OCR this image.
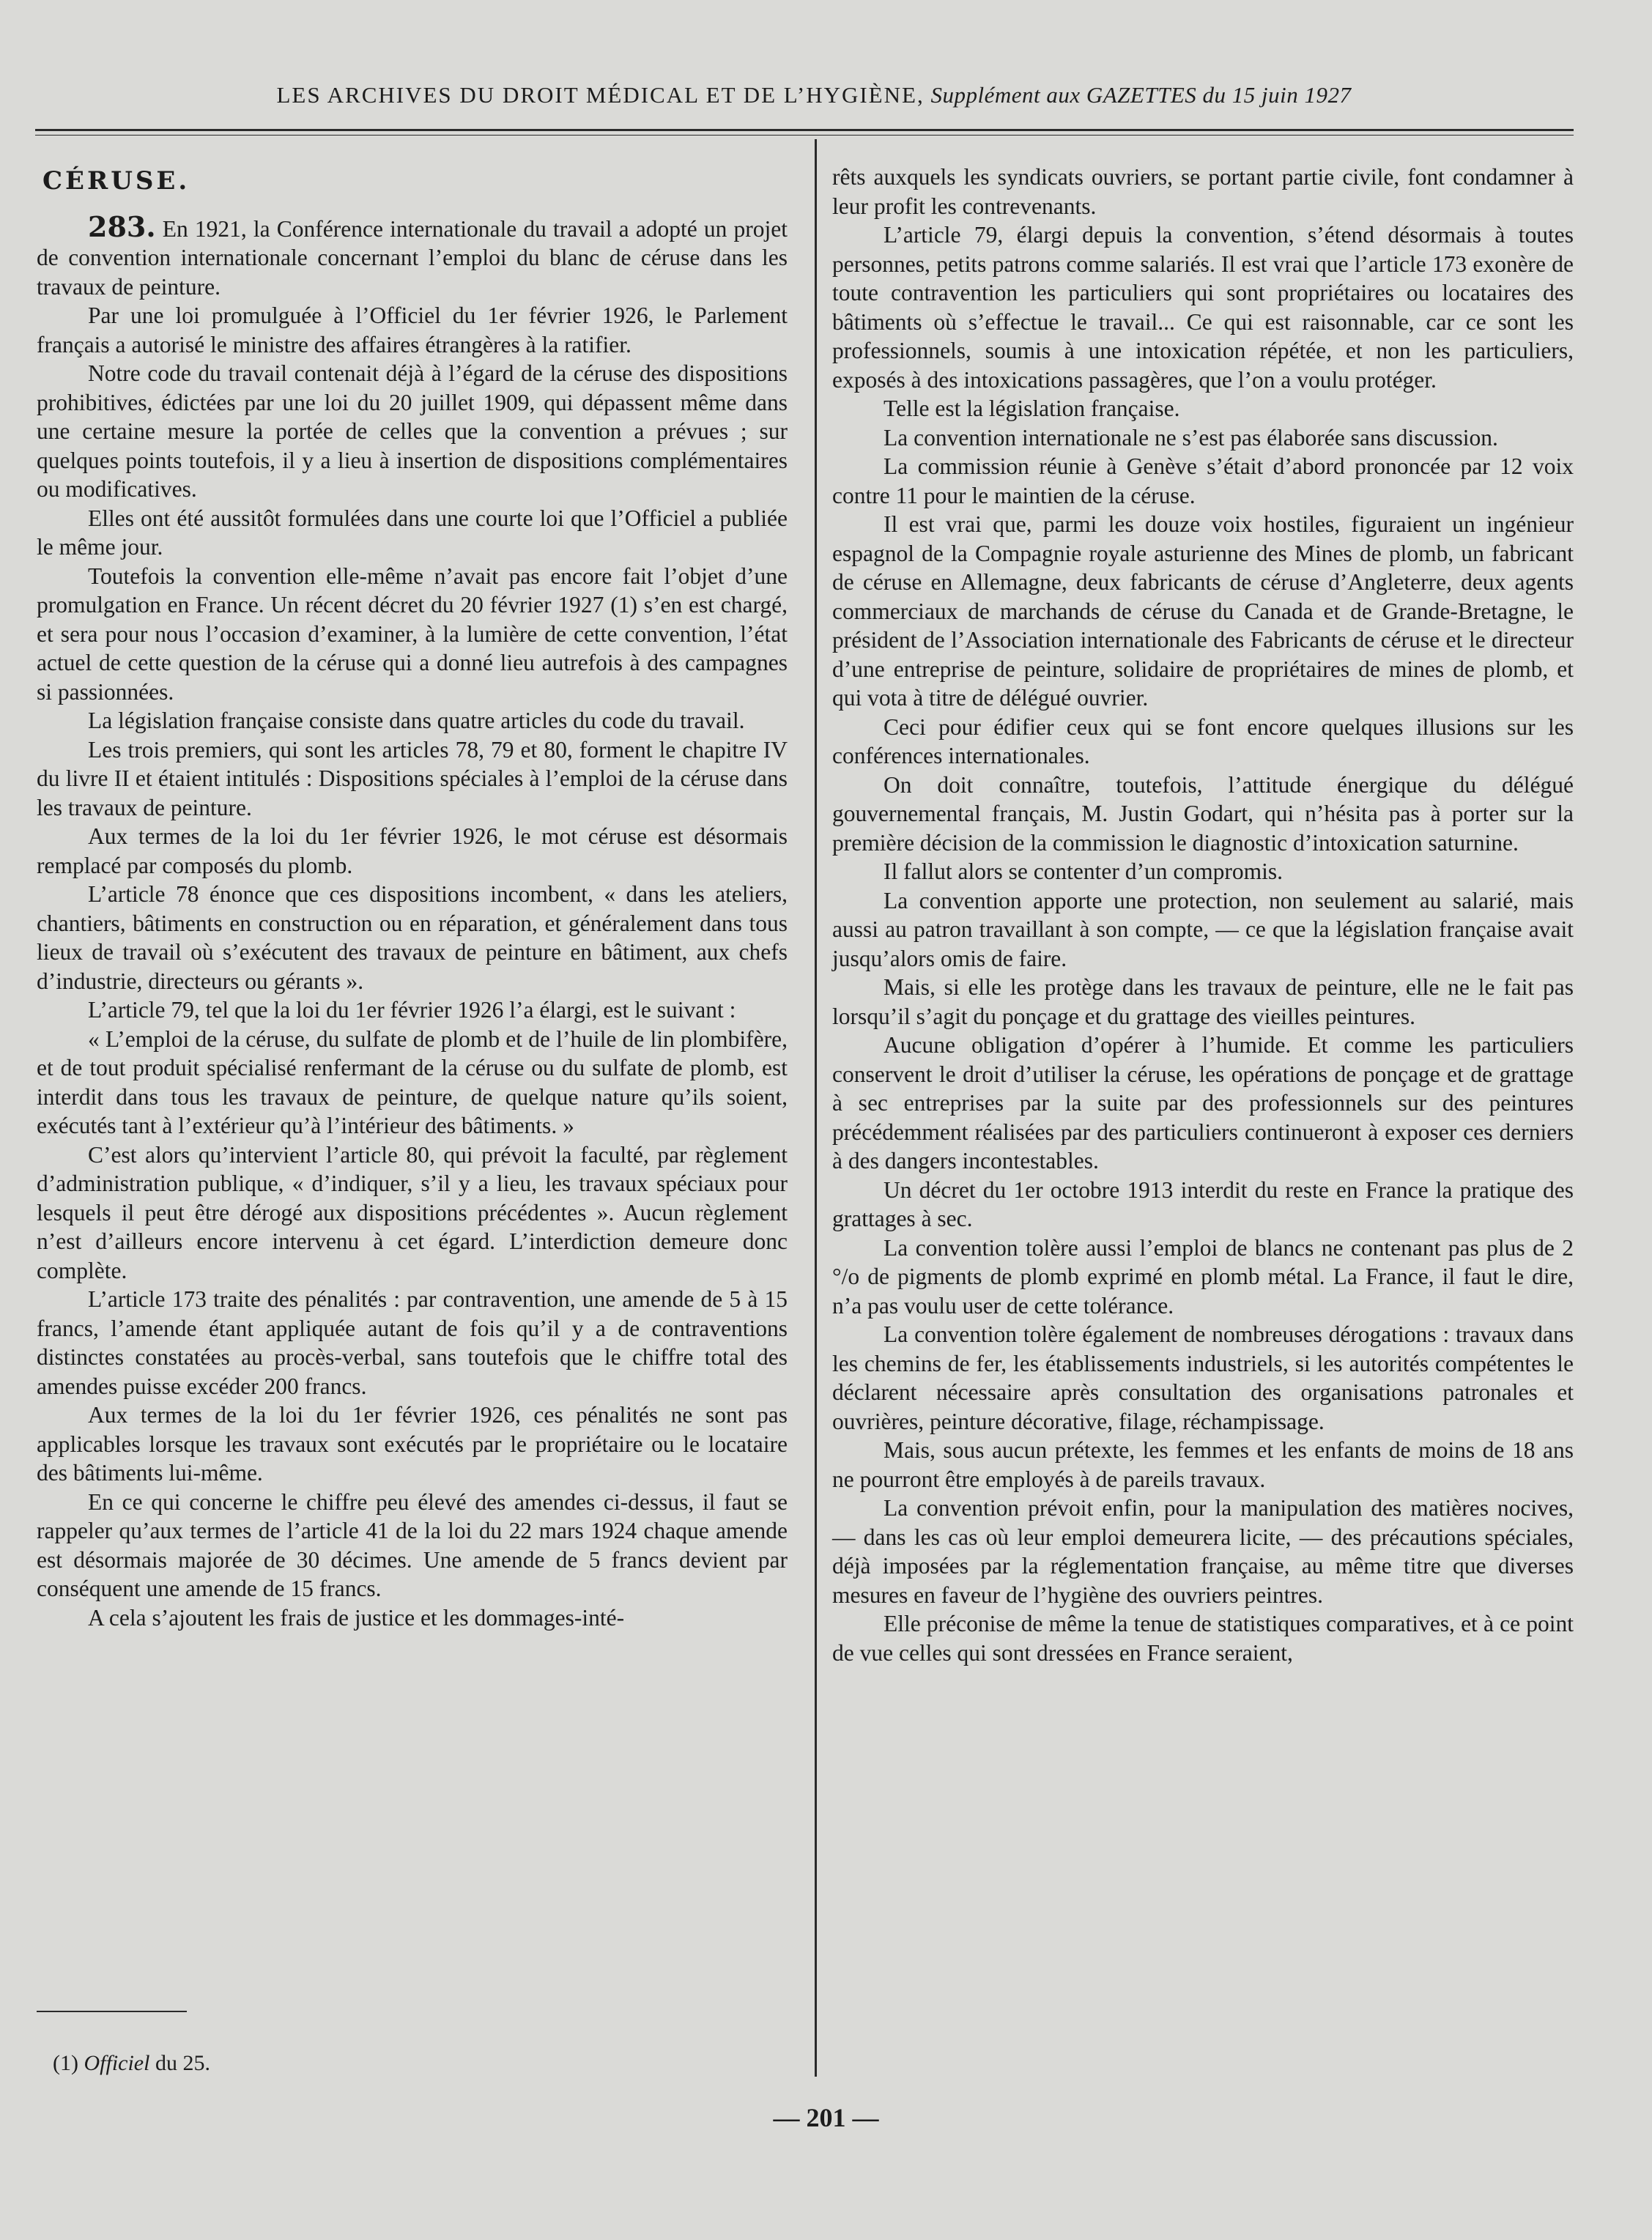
LES ARCHIVES DU DROIT MÉDICAL ET DE L’HYGIÈNE, Supplément aux GAZETTES du 15 juin 1927
CÉRUSE.

283. En 1921, la Conférence internationale du travail a adopté un projet de convention internationale concernant l’emploi du blanc de céruse dans les travaux de peinture.

Par une loi promulguée à l’Officiel du 1er février 1926, le Parlement français a autorisé le ministre des affaires étrangères à la ratifier.

Notre code du travail contenait déjà à l’égard de la céruse des dispositions prohibitives, édictées par une loi du 20 juillet 1909, qui dépassent même dans une certaine mesure la portée de celles que la convention a prévues ; sur quelques points toutefois, il y a lieu à insertion de dispositions complémentaires ou modificatives.

Elles ont été aussitôt formulées dans une courte loi que l’Officiel a publiée le même jour.

Toutefois la convention elle-même n’avait pas encore fait l’objet d’une promulgation en France. Un récent décret du 20 février 1927 (1) s’en est chargé, et sera pour nous l’occasion d’examiner, à la lumière de cette convention, l’état actuel de cette question de la céruse qui a donné lieu autrefois à des campagnes si passionnées.

La législation française consiste dans quatre articles du code du travail.

Les trois premiers, qui sont les articles 78, 79 et 80, forment le chapitre IV du livre II et étaient intitulés : Dispositions spéciales à l’emploi de la céruse dans les travaux de peinture.

Aux termes de la loi du 1er février 1926, le mot céruse est désormais remplacé par composés du plomb.

L’article 78 énonce que ces dispositions incombent, « dans les ateliers, chantiers, bâtiments en construction ou en réparation, et généralement dans tous lieux de travail où s’exécutent des travaux de peinture en bâtiment, aux chefs d’industrie, directeurs ou gérants ».

L’article 79, tel que la loi du 1er février 1926 l’a élargi, est le suivant :

« L’emploi de la céruse, du sulfate de plomb et de l’huile de lin plombifère, et de tout produit spécialisé renfermant de la céruse ou du sulfate de plomb, est interdit dans tous les travaux de peinture, de quelque nature qu’ils soient, exécutés tant à l’extérieur qu’à l’intérieur des bâtiments. »

C’est alors qu’intervient l’article 80, qui prévoit la faculté, par règlement d’administration publique, « d’indiquer, s’il y a lieu, les travaux spéciaux pour lesquels il peut être dérogé aux dispositions précédentes ». Aucun règlement n’est d’ailleurs encore intervenu à cet égard. L’interdiction demeure donc complète.

L’article 173 traite des pénalités : par contravention, une amende de 5 à 15 francs, l’amende étant appliquée autant de fois qu’il y a de contraventions distinctes constatées au procès-verbal, sans toutefois que le chiffre total des amendes puisse excéder 200 francs.

Aux termes de la loi du 1er février 1926, ces pénalités ne sont pas applicables lorsque les travaux sont exécutés par le propriétaire ou le locataire des bâtiments lui-même.

En ce qui concerne le chiffre peu élevé des amendes ci-dessus, il faut se rappeler qu’aux termes de l’article 41 de la loi du 22 mars 1924 chaque amende est désormais majorée de 30 décimes. Une amende de 5 francs devient par conséquent une amende de 15 francs.

A cela s’ajoutent les frais de justice et les dommages-inté-

rêts auxquels les syndicats ouvriers, se portant partie civile, font condamner à leur profit les contrevenants.

L’article 79, élargi depuis la convention, s’étend désormais à toutes personnes, petits patrons comme salariés. Il est vrai que l’article 173 exonère de toute contravention les particuliers qui sont propriétaires ou locataires des bâtiments où s’effectue le travail... Ce qui est raisonnable, car ce sont les professionnels, soumis à une intoxication répétée, et non les particuliers, exposés à des intoxications passagères, que l’on a voulu protéger.

Telle est la législation française.

La convention internationale ne s’est pas élaborée sans discussion.

La commission réunie à Genève s’était d’abord prononcée par 12 voix contre 11 pour le maintien de la céruse.

Il est vrai que, parmi les douze voix hostiles, figuraient un ingénieur espagnol de la Compagnie royale asturienne des Mines de plomb, un fabricant de céruse en Allemagne, deux fabricants de céruse d’Angleterre, deux agents commerciaux de marchands de céruse du Canada et de Grande-Bretagne, le président de l’Association internationale des Fabricants de céruse et le directeur d’une entreprise de peinture, solidaire de propriétaires de mines de plomb, et qui vota à titre de délégué ouvrier.

Ceci pour édifier ceux qui se font encore quelques illusions sur les conférences internationales.

On doit connaître, toutefois, l’attitude énergique du délégué gouvernemental français, M. Justin Godart, qui n’hésita pas à porter sur la première décision de la commission le diagnostic d’intoxication saturnine.

Il fallut alors se contenter d’un compromis.

La convention apporte une protection, non seulement au salarié, mais aussi au patron travaillant à son compte, — ce que la législation française avait jusqu’alors omis de faire.

Mais, si elle les protège dans les travaux de peinture, elle ne le fait pas lorsqu’il s’agit du ponçage et du grattage des vieilles peintures.

Aucune obligation d’opérer à l’humide. Et comme les particuliers conservent le droit d’utiliser la céruse, les opérations de ponçage et de grattage à sec entreprises par la suite par des professionnels sur des peintures précédemment réalisées par des particuliers continueront à exposer ces derniers à des dangers incontestables.

Un décret du 1er octobre 1913 interdit du reste en France la pratique des grattages à sec.

La convention tolère aussi l’emploi de blancs ne contenant pas plus de 2 °/o de pigments de plomb exprimé en plomb métal. La France, il faut le dire, n’a pas voulu user de cette tolérance.

La convention tolère également de nombreuses dérogations : travaux dans les chemins de fer, les établissements industriels, si les autorités compétentes le déclarent nécessaire après consultation des organisations patronales et ouvrières, peinture décorative, filage, réchampissage.

Mais, sous aucun prétexte, les femmes et les enfants de moins de 18 ans ne pourront être employés à de pareils travaux.

La convention prévoit enfin, pour la manipulation des matières nocives, — dans les cas où leur emploi demeurera licite, — des précautions spéciales, déjà imposées par la réglementation française, au même titre que diverses mesures en faveur de l’hygiène des ouvriers peintres.

Elle préconise de même la tenue de statistiques comparatives, et à ce point de vue celles qui sont dressées en France seraient,

(1) Officiel du 25.
— 201 —
